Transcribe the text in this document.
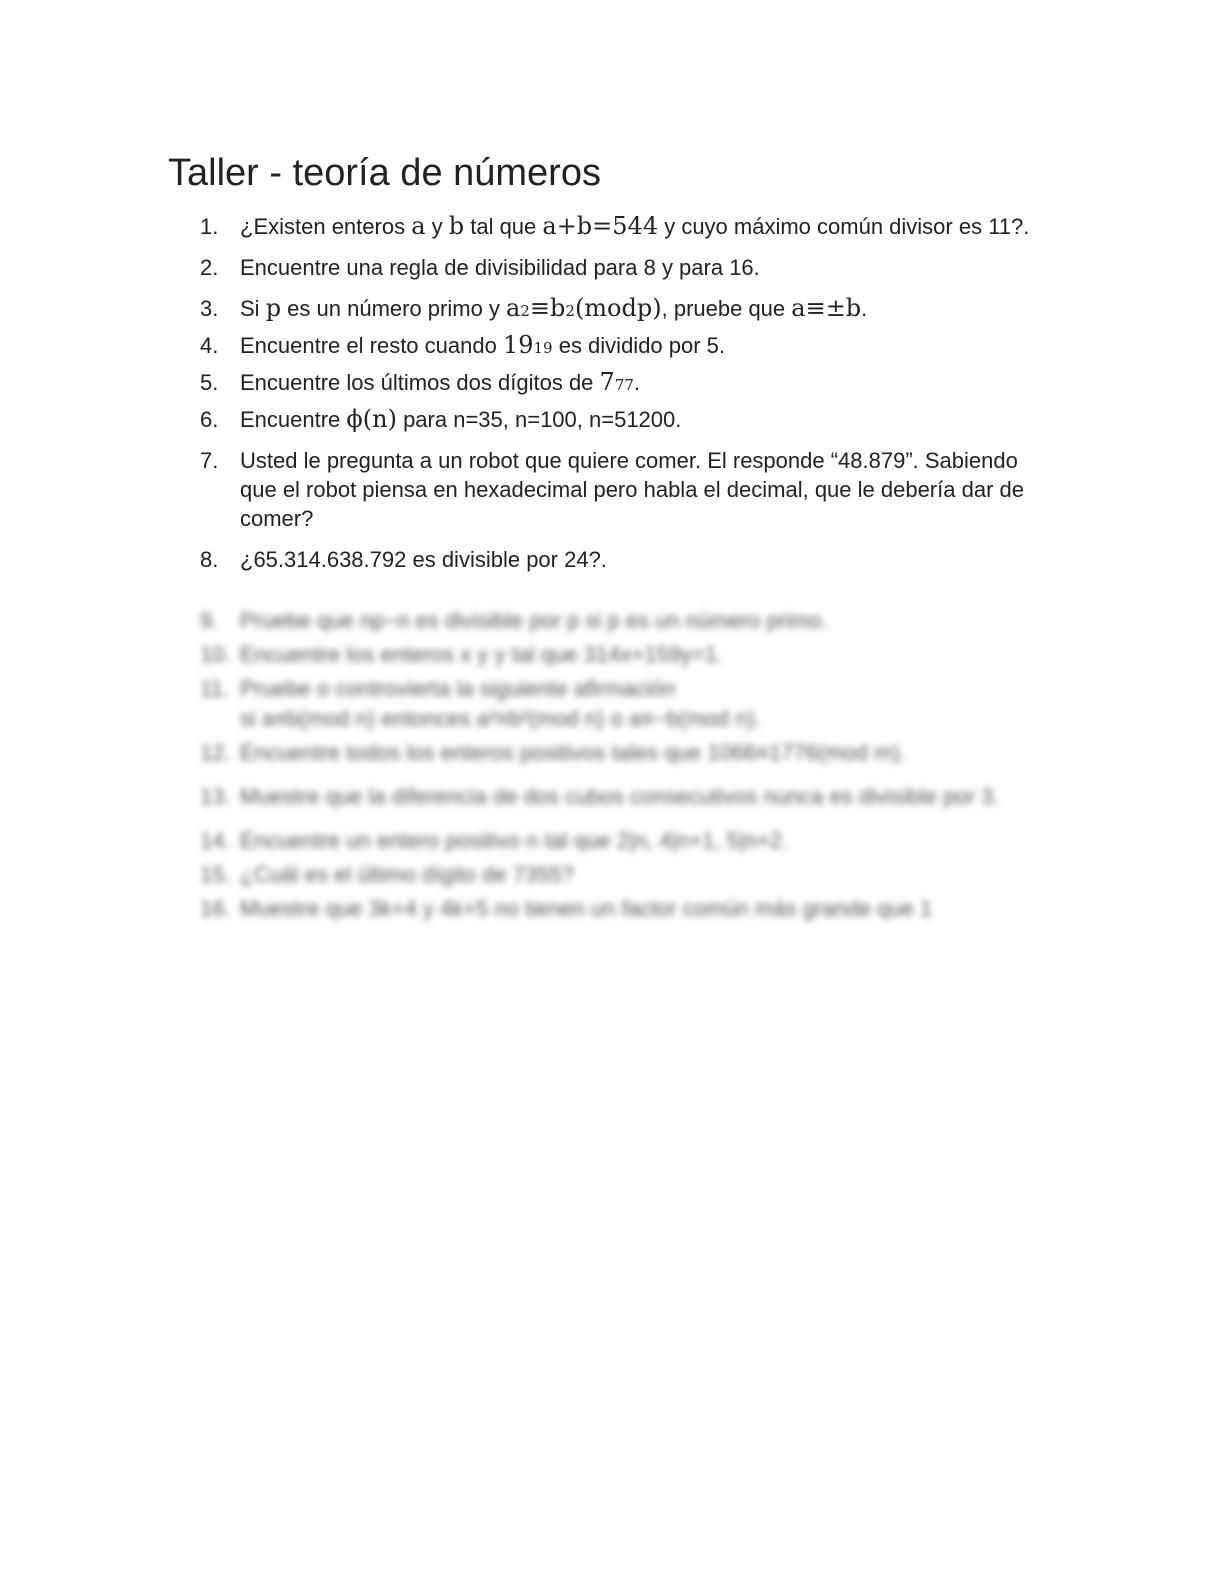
Taller - teoría de números
1. ¿Existen enteros a y b tal que a+b=544 y cuyo máximo común divisor es 11?.
2. Encuentre una regla de divisibilidad para 8 y para 16.
3. Si p es un número primo y a2≡b2(modp), pruebe que a≡±b.
4. Encuentre el resto cuando 1919 es dividido por 5.
5. Encuentre los últimos dos dígitos de 777.
6. Encuentre ϕ(n) para n=35, n=100, n=51200.
7. Usted le pregunta a un robot que quiere comer. El responde “48.879”. Sabiendo que el robot piensa en hexadecimal pero habla el decimal, que le debería dar de comer?
8. ¿65.314.638.792 es divisible por 24?.
9. Pruebe que np−n es divisible por p si p es un número primo.
10. Encuentre los enteros x y y tal que 314x+159y=1.
11. Pruebe o controvierta la siguiente afirmación
si a≡b(mod n) entonces a²≡b²(mod n) o a≡−b(mod n).
12. Encuentre todos los enteros positivos tales que 1066≡1776(mod m).
13. Muestre que la diferencia de dos cubos consecutivos nunca es divisible por 3.
14. Encuentre un entero positivo n tal que 2|n, 4|n+1, 5|n+2.
15. ¿Cuál es el último dígito de 7355?
16. Muestre que 3k+4 y 4k+5 no tienen un factor común más grande que 1
